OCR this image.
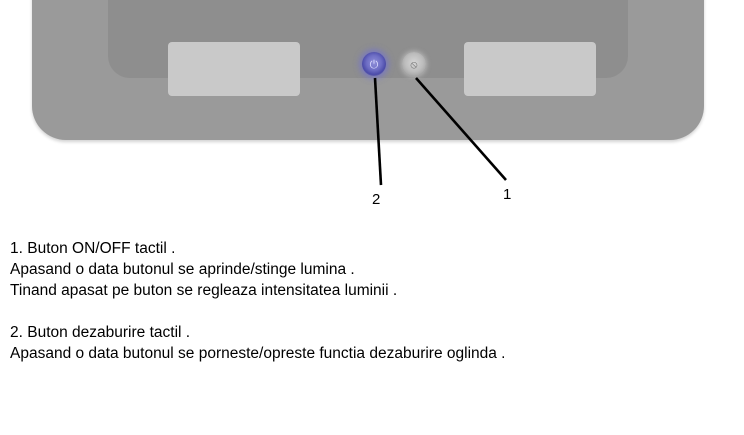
⏻	⦸
2	1

1. Buton ON/OFF tactil .

Apasand o data butonul se aprinde/stinge lumina .

Tinand apasat pe buton se regleaza intensitatea luminii .

2. Buton dezaburire tactil .

Apasand o data butonul se porneste/opreste functia dezaburire oglinda .
